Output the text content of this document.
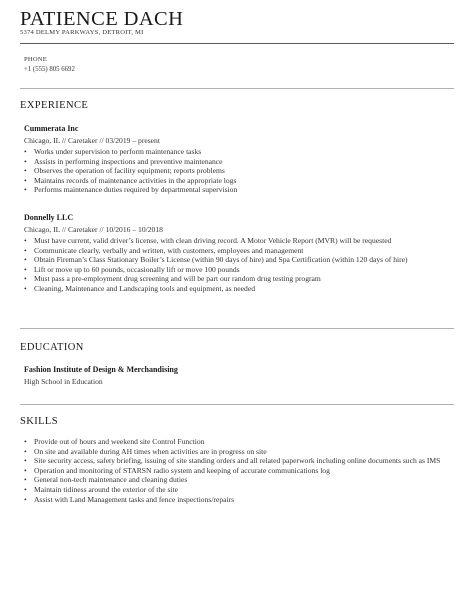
PATIENCE DACH
5374 DELMY PARKWAYS, DETROIT, MI
PHONE
+1 (555) 805 6692
EXPERIENCE
Cummerata Inc
Chicago, IL // Caretaker // 03/2019 – present
• Works under supervision to perform maintenance tasks
• Assists in performing inspections and preventive maintenance
• Observes the operation of facility equipment; reports problems
• Maintains records of maintenance activities in the appropriate logs
• Performs maintenance duties required by departmental supervision
Donnelly LLC
Chicago, IL // Caretaker // 10/2016 – 10/2018
• Must have current, valid driver’s license, with clean driving record. A Motor Vehicle Report (MVR) will be requested
• Communicate clearly, verbally and written, with customers, employees and management
• Obtain Fireman’s Class Stationary Boiler’s License (within 90 days of hire) and Spa Certification (within 120 days of hire)
• Lift or move up to 60 pounds, occasionally lift or move 100 pounds
• Must pass a pre-employment drug screening and will be part our random drug testing program
• Cleaning, Maintenance and Landscaping tools and equipment, as needed
EDUCATION
Fashion Institute of Design & Merchandising
High School in Education
SKILLS
• Provide out of hours and weekend site Control Function
• On site and available during AH times when activities are in progress on site
• Site security access, safety briefing, issuing of site standing orders and all related paperwork including online documents such as IMS
• Operation and monitoring of STARSN radio system and keeping of accurate communications log
• General non-tech maintenance and cleaning duties
• Maintain tidiness around the exterior of the site
• Assist with Land Management tasks and fence inspections/repairs
